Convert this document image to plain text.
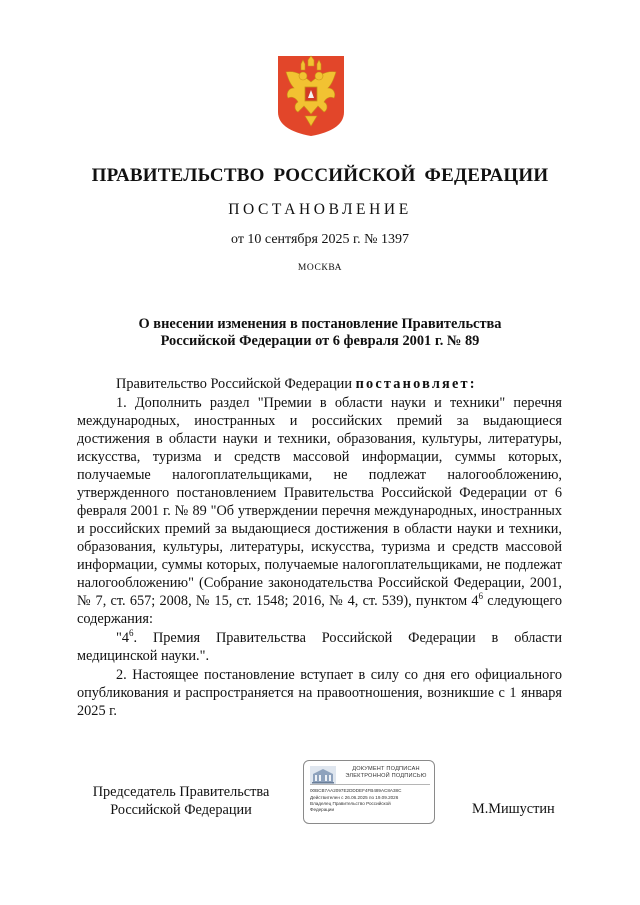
ПРАВИТЕЛЬСТВО РОССИЙСКОЙ ФЕДЕРАЦИИ
ПОСТАНОВЛЕНИЕ
от 10 сентября 2025 г. № 1397
МОСКВА
О внесении изменения в постановление Правительства
Российской Федерации от 6 февраля 2001 г. № 89

Правительство Российской Федерации постановляет:

1. Дополнить раздел "Премии в области науки и техники" перечня международных, иностранных и российских премий за выдающиеся достижения в области науки и техники, образования, культуры, литературы, искусства, туризма и средств массовой информации, суммы которых, получаемые налогоплательщиками, не подлежат налогообложению, утвержденного постановлением Правительства Российской Федерации от 6 февраля 2001 г. № 89 "Об утверждении перечня международных, иностранных и российских премий за выдающиеся достижения в области науки и техники, образования, культуры, литературы, искусства, туризма и средств массовой информации, суммы которых, получаемые налогоплательщиками, не подлежат налогообложению" (Собрание законодательства Российской Федерации, 2001, № 7, ст. 657; 2008, № 15, ст. 1548; 2016, № 4, ст. 539), пунктом $4^6$ следующего содержания:

"$4^6$. Премия Правительства Российской Федерации в области медицинской науки.".

2. Настоящее постановление вступает в силу со дня его официального опубликования и распространяется на правоотношения, возникшие с 1 января 2025 г.

Председатель Правительства
Российской Федерации
ДОКУМЕНТ ПОДПИСАН
ЭЛЕКТРОННОЙ ПОДПИСЬЮ
00BCB7AA2097E2DDDEF4FB489AC8A38C
Действителен с 26.06.2025 по 19.09.2026
Владелец Правительство Российской
Федерации	М.Мишустин
